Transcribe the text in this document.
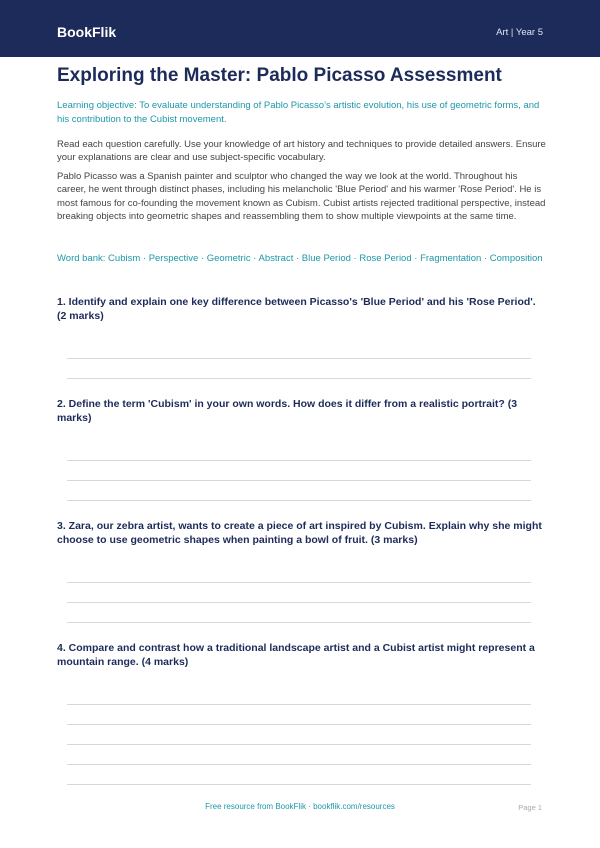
BookFlik	Art | Year 5
Exploring the Master: Pablo Picasso Assessment

Learning objective: To evaluate understanding of Pablo Picasso’s artistic evolution, his use of geometric forms, and his contribution to the Cubist movement.

Read each question carefully. Use your knowledge of art history and techniques to provide detailed answers. Ensure your explanations are clear and use subject-specific vocabulary.

Pablo Picasso was a Spanish painter and sculptor who changed the way we look at the world. Throughout his career, he went through distinct phases, including his melancholic 'Blue Period' and his warmer 'Rose Period'. He is most famous for co-founding the movement known as Cubism. Cubist artists rejected traditional perspective, instead breaking objects into geometric shapes and reassembling them to show multiple viewpoints at the same time.

Word bank: Cubism · Perspective · Geometric · Abstract · Blue Period · Rose Period · Fragmentation · Composition

1. Identify and explain one key difference between Picasso's 'Blue Period' and his 'Rose Period'. (2 marks)
2. Define the term 'Cubism' in your own words. How does it differ from a realistic portrait? (3 marks)
3. Zara, our zebra artist, wants to create a piece of art inspired by Cubism. Explain why she might choose to use geometric shapes when painting a bowl of fruit. (3 marks)
4. Compare and contrast how a traditional landscape artist and a Cubist artist might represent a mountain range. (4 marks)
Free resource from BookFlik · bookflik.com/resources	Page 1
